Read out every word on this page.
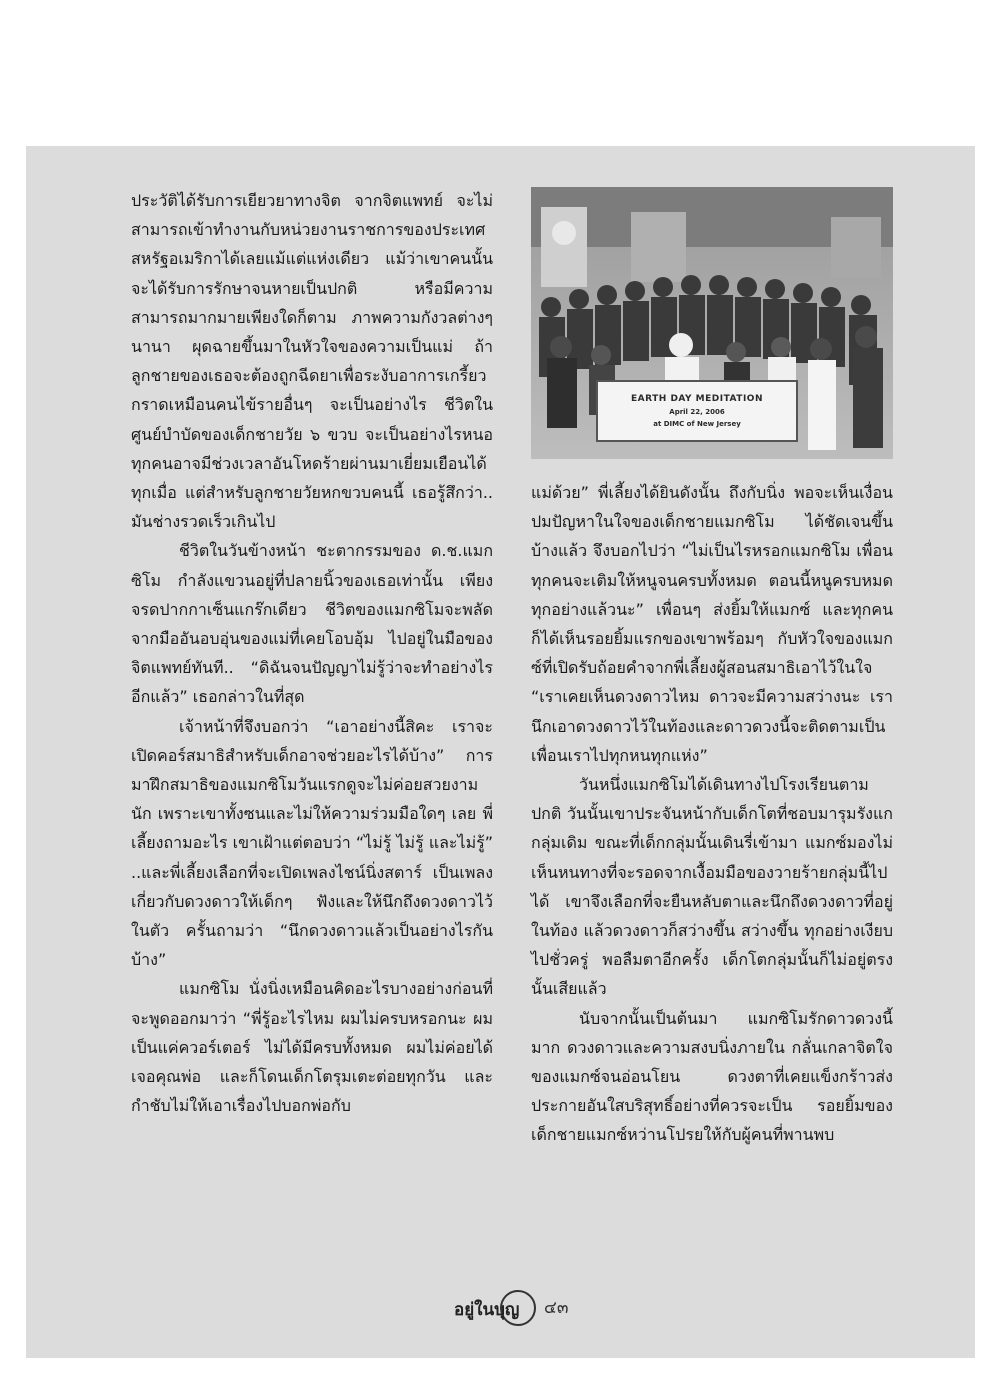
ประวัติได้รับการเยียวยาทางจิต จากจิตแพทย์ จะไม่สามารถเข้าทำงานกับหน่วยงานราชการของประเทศสหรัฐอเมริกาได้เลยแม้แต่แห่งเดียว แม้ว่าเขาคนนั้นจะได้รับการรักษาจนหายเป็นปกติ หรือมีความสามารถมากมายเพียงใดก็ตาม ภาพความกังวลต่างๆ นานา ผุดฉายขึ้นมาในหัวใจของความเป็นแม่ ถ้าลูกชายของเธอจะต้องถูกฉีดยาเพื่อระงับอาการเกรี้ยวกราดเหมือนคนไข้รายอื่นๆ จะเป็นอย่างไร ชีวิตในศูนย์บำบัดของเด็กชายวัย ๖ ขวบ จะเป็นอย่างไรหนอ ทุกคนอาจมีช่วงเวลาอันโหดร้ายผ่านมาเยี่ยมเยือนได้ทุกเมื่อ แต่สำหรับลูกชายวัยหกขวบคนนี้ เธอรู้สึกว่า.. มันช่างรวดเร็วเกินไป

ชีวิตในวันข้างหน้า ชะตากรรมของ ด.ช.แมกซิโม กำลังแขวนอยู่ที่ปลายนิ้วของเธอเท่านั้น เพียงจรดปากกาเซ็นแกร๊กเดียว ชีวิตของแมกซิโมจะพลัดจากมืออันอบอุ่นของแม่ที่เคยโอบอุ้ม ไปอยู่ในมือของจิตแพทย์ทันที.. “ดิฉันจนปัญญาไม่รู้ว่าจะทำอย่างไรอีกแล้ว” เธอกล่าวในที่สุด

เจ้าหน้าที่จึงบอกว่า “เอาอย่างนี้สิคะ เราจะเปิดคอร์สมาธิสำหรับเด็กอาจช่วยอะไรได้บ้าง” การมาฝึกสมาธิของแมกซิโมวันแรกดูจะไม่ค่อยสวยงามนัก เพราะเขาทั้งซนและไม่ให้ความร่วมมือใดๆ เลย พี่เลี้ยงถามอะไร เขาเฝ้าแต่ตอบว่า “ไม่รู้ ไม่รู้ และไม่รู้” ..และพี่เลี้ยงเลือกที่จะเปิดเพลงไชน์นิ่งสตาร์ เป็นเพลงเกี่ยวกับดวงดาวให้เด็กๆ ฟังและให้นึกถึงดวงดาวไว้ในตัว ครั้นถามว่า “นึกดวงดาวแล้วเป็นอย่างไรกันบ้าง”

แมกซิโม นั่งนิ่งเหมือนคิดอะไรบางอย่างก่อนที่จะพูดออกมาว่า “พี่รู้อะไรไหม ผมไม่ครบหรอกนะ ผมเป็นแค่ควอร์เตอร์ ไม่ได้มีครบทั้งหมด ผมไม่ค่อยได้เจอคุณพ่อ และก็โดนเด็กโตรุมเตะต่อยทุกวัน และกำชับไม่ให้เอาเรื่องไปบอกพ่อกับ

EARTH DAY MEDITATION
April 22, 2006
at DIMC of New Jersey

แม่ด้วย” พี่เลี้ยงได้ยินดังนั้น ถึงกับนิ่ง พอจะเห็นเงื่อนปมปัญหาในใจของเด็กชายแมกซิโม ได้ชัดเจนขึ้นบ้างแล้ว จึงบอกไปว่า “ไม่เป็นไรหรอกแมกซิโม เพื่อนทุกคนจะเติมให้หนูจนครบทั้งหมด ตอนนี้หนูครบหมดทุกอย่างแล้วนะ” เพื่อนๆ ส่งยิ้มให้แมกซ์ และทุกคนก็ได้เห็นรอยยิ้มแรกของเขาพร้อมๆ กับหัวใจของแมกซ์ที่เปิดรับถ้อยคำจากพี่เลี้ยงผู้สอนสมาธิเอาไว้ในใจ “เราเคยเห็นดวงดาวไหม ดาวจะมีความสว่างนะ เรานึกเอาดวงดาวไว้ในท้องและดาวดวงนี้จะติดตามเป็นเพื่อนเราไปทุกหนทุกแห่ง”

วันหนึ่งแมกซิโมได้เดินทางไปโรงเรียนตามปกติ วันนั้นเขาประจันหน้ากับเด็กโตที่ชอบมารุมรังแกกลุ่มเดิม ขณะที่เด็กกลุ่มนั้นเดินรี่เข้ามา แมกซ์มองไม่เห็นหนทางที่จะรอดจากเงื้อมมือของวายร้ายกลุ่มนี้ไปได้ เขาจึงเลือกที่จะยืนหลับตาและนึกถึงดวงดาวที่อยู่ในท้อง แล้วดวงดาวก็สว่างขึ้น สว่างขึ้น ทุกอย่างเงียบไปชั่วครู่ พอลืมตาอีกครั้ง เด็กโตกลุ่มนั้นก็ไม่อยู่ตรงนั้นเสียแล้ว

นับจากนั้นเป็นต้นมา แมกซิโมรักดาวดวงนี้มาก ดวงดาวและความสงบนิ่งภายใน กลั่นเกลาจิตใจของแมกซ์จนอ่อนโยน ดวงตาที่เคยแข็งกร้าวส่งประกายอันใสบริสุทธิ์อย่างที่ควรจะเป็น รอยยิ้มของเด็กชายแมกซ์หว่านโปรยให้กับผู้คนที่พานพบ

อยู่ในบุญ ๔๓
